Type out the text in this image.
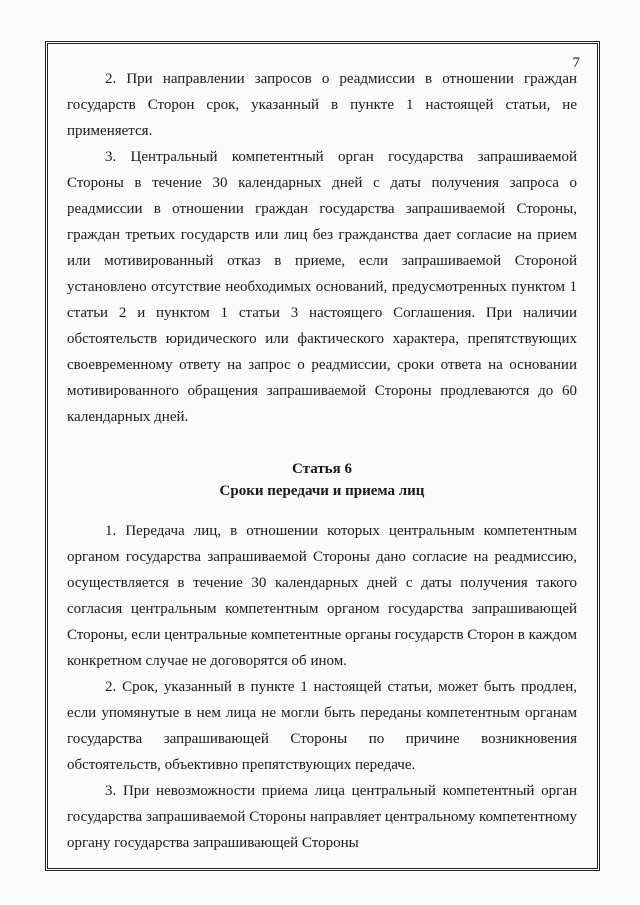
7

2. При направлении запросов о реадмиссии в отношении граждан государств Сторон срок, указанный в пункте 1 настоящей статьи, не применяется.

3. Центральный компетентный орган государства запрашиваемой Стороны в течение 30 календарных дней с даты получения запроса о реадмиссии в отношении граждан государства запрашиваемой Стороны, граждан третьих государств или лиц без гражданства дает согласие на прием или мотивированный отказ в приеме, если запрашиваемой Стороной установлено отсутствие необходимых оснований, предусмотренных пунктом 1 статьи 2 и пунктом 1 статьи 3 настоящего Соглашения. При наличии обстоятельств юридического или фактического характера, препятствующих своевременному ответу на запрос о реадмиссии, сроки ответа на основании мотивированного обращения запрашиваемой Стороны продлеваются до 60 календарных дней.

Статья 6

Сроки передачи и приема лиц

1. Передача лиц, в отношении которых центральным компетентным органом государства запрашиваемой Стороны дано согласие на реадмиссию, осуществляется в течение 30 календарных дней с даты получения такого согласия центральным компетентным органом государства запрашивающей Стороны, если центральные компетентные органы государств Сторон в каждом конкретном случае не договорятся об ином.

2. Срок, указанный в пункте 1 настоящей статьи, может быть продлен, если упомянутые в нем лица не могли быть переданы компетентным органам государства запрашивающей Стороны по причине возникновения обстоятельств, объективно препятствующих передаче.

3. При невозможности приема лица центральный компетентный орган государства запрашиваемой Стороны направляет центральному компетентному органу государства запрашивающей Стороны
